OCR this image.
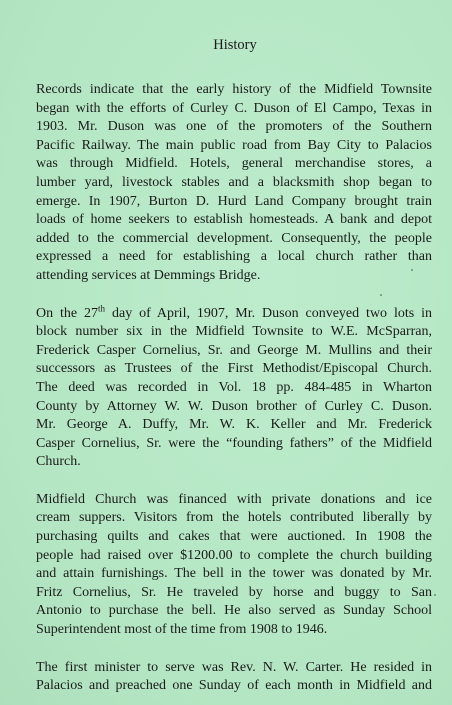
History
Records indicate that the early history of the Midfield Townsite
began with the efforts of Curley C. Duson of El Campo, Texas in
1903. Mr. Duson was one of the promoters of the Southern
Pacific Railway. The main public road from Bay City to Palacios
was through Midfield. Hotels, general merchandise stores, a
lumber yard, livestock stables and a blacksmith shop began to
emerge. In 1907, Burton D. Hurd Land Company brought train
loads of home seekers to establish homesteads. A bank and depot
added to the commercial development. Consequently, the people
expressed a need for establishing a local church rather than
attending services at Demmings Bridge.
On the 27th day of April, 1907, Mr. Duson conveyed two lots in
block number six in the Midfield Townsite to W.E. McSparran,
Frederick Casper Cornelius, Sr. and George M. Mullins and their
successors as Trustees of the First Methodist/Episcopal Church.
The deed was recorded in Vol. 18 pp. 484-485 in Wharton
County by Attorney W. W. Duson brother of Curley C. Duson.
Mr. George A. Duffy, Mr. W. K. Keller and Mr. Frederick
Casper Cornelius, Sr. were the “founding fathers” of the Midfield
Church.
Midfield Church was financed with private donations and ice
cream suppers. Visitors from the hotels contributed liberally by
purchasing quilts and cakes that were auctioned. In 1908 the
people had raised over $1200.00 to complete the church building
and attain furnishings. The bell in the tower was donated by Mr.
Fritz Cornelius, Sr. He traveled by horse and buggy to San
Antonio to purchase the bell. He also served as Sunday School
Superintendent most of the time from 1908 to 1946.
The first minister to serve was Rev. N. W. Carter. He resided in
Palacios and preached one Sunday of each month in Midfield and
